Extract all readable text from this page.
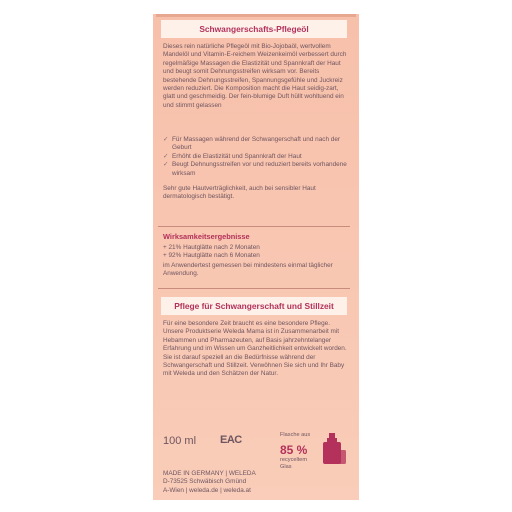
Schwangerschafts-Pflegeöl

Dieses rein natürliche Pflegeöl mit Bio-Jojobaöl, wertvollem Mandelöl und Vitamin-E-reichem Weizenkeimöl verbessert durch regelmäßige Massagen die Elastizität und Spannkraft der Haut und beugt somit Dehnungsstreifen wirksam vor. Bereits bestehende Dehnungsstreifen, Spannungsgefühle und Juckreiz werden reduziert. Die Komposition macht die Haut seidig-zart, glatt und geschmeidig. Der fein-blumige Duft hüllt wohltuend ein und stimmt gelassen

✓ Für Massagen während der Schwangerschaft und nach der Geburt
✓ Erhöht die Elastizität und Spannkraft der Haut
✓ Beugt Dehnungsstreifen vor und reduziert bereits vorhandene wirksam

Sehr gute Hautverträglichkeit, auch bei sensibler Haut dermatologisch bestätigt.

Wirksamkeitsergebnisse
+ 21% Hautglätte nach 2 Monaten
+ 92% Hautglätte nach 6 Monaten

im Anwendertest gemessen bei mindestens einmal täglicher Anwendung.

Pflege für Schwangerschaft und Stillzeit

Für eine besondere Zeit braucht es eine besondere Pflege. Unsere Produktserie Weleda Mama ist in Zusammenarbeit mit Hebammen und Pharmazeuten, auf Basis jahrzehntelanger Erfahrung und im Wissen um Ganzheitlichkeit entwickelt worden. Sie ist darauf speziell an die Bedürfnisse während der Schwangerschaft und Stillzeit. Verwöhnen Sie sich und Ihr Baby mit Weleda und den Schätzen der Natur.

100 ml EAC	Flasche aus
85 %
recyceltem Glas
MADE IN GERMANY | WELEDA
D-73525 Schwäbisch Gmünd
A-Wien | weleda.de | weleda.at
